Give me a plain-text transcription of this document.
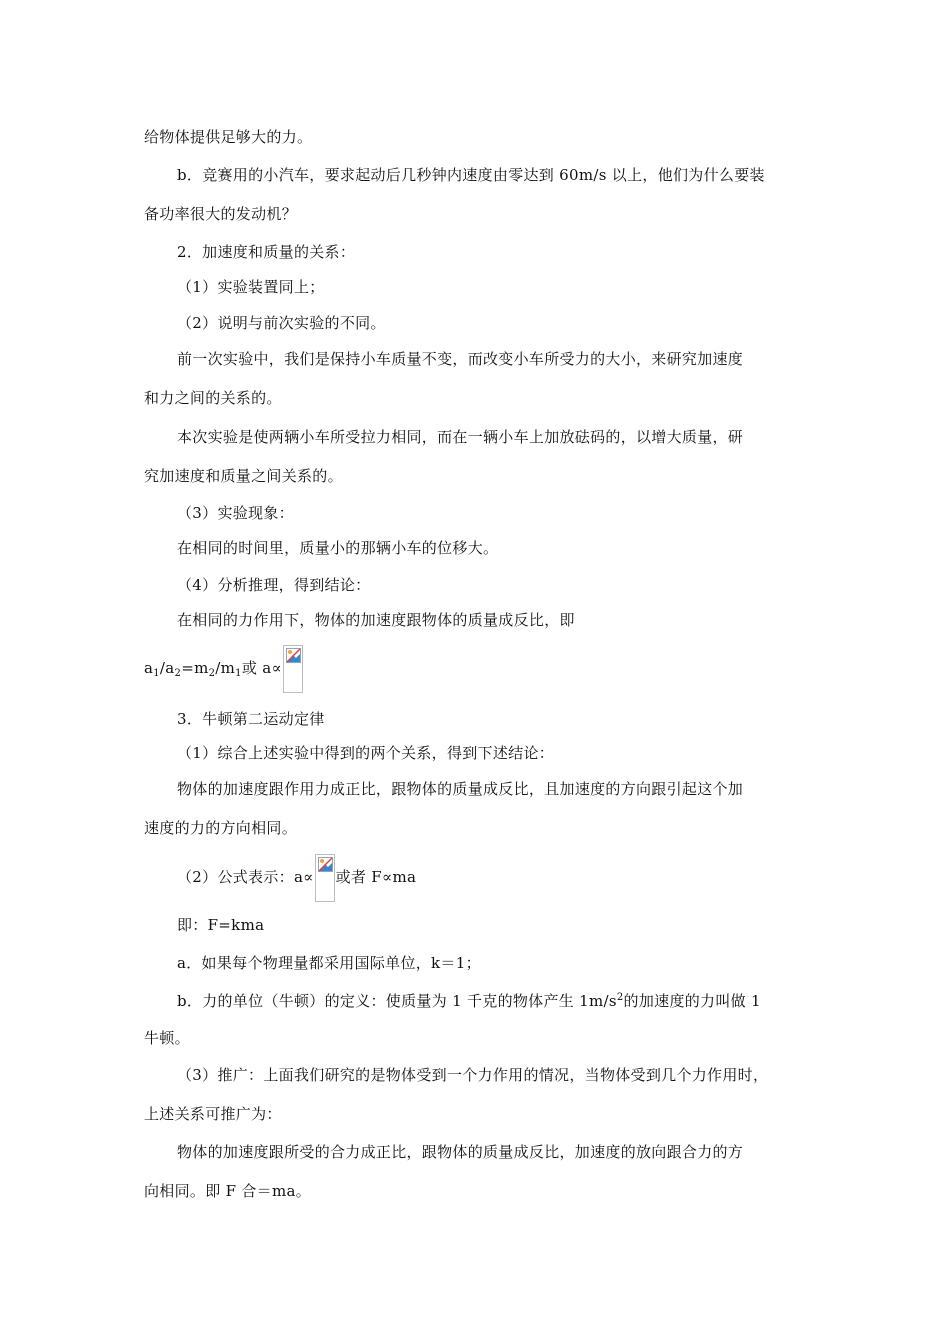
给物体提供足够大的力。
b．竞赛用的小汽车，要求起动后几秒钟内速度由零达到 60m/s 以上，他们为什么要装
备功率很大的发动机？
2．加速度和质量的关系：
（1）实验装置同上；
（2）说明与前次实验的不同。
前一次实验中，我们是保持小车质量不变，而改变小车所受力的大小，来研究加速度
和力之间的关系的。
本次实验是使两辆小车所受拉力相同，而在一辆小车上加放砝码的，以增大质量，研
究加速度和质量之间关系的。
（3）实验现象：
在相同的时间里，质量小的那辆小车的位移大。
（4）分析推理，得到结论：
在相同的力作用下，物体的加速度跟物体的质量成反比，即
$a_1/a_2=m_2/m_1$或 a∝
3．牛顿第二运动定律
（1）综合上述实验中得到的两个关系，得到下述结论：
物体的加速度跟作用力成正比，跟物体的质量成反比，且加速度的方向跟引起这个加
速度的力的方向相同。
（2）公式表示：a∝ 或者 F∝ma
即：F=kma
a．如果每个物理量都采用国际单位，k＝1；
b．力的单位（牛顿）的定义：使质量为 1 千克的物体产生 $1m/s^2$的加速度的力叫做 1
牛顿。
（3）推广：上面我们研究的是物体受到一个力作用的情况，当物体受到几个力作用时，
上述关系可推广为：
物体的加速度跟所受的合力成正比，跟物体的质量成反比，加速度的放向跟合力的方
向相同。即 F 合＝ma。
